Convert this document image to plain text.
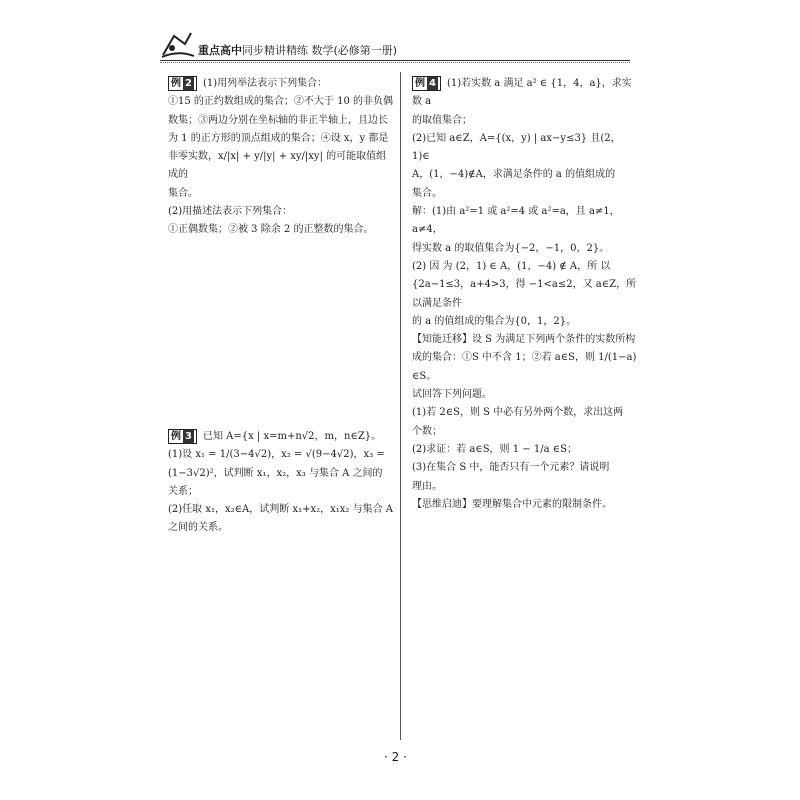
重点高中同步精讲精练 数学(必修第一册)

例 2 (1)用列举法表示下列集合：

①15 的正约数组成的集合；②不大于 10 的非负偶

数集；③两边分别在坐标轴的非正半轴上，且边长

为 1 的正方形的顶点组成的集合；④设 x，y 都是

非零实数，x/|x| + y/|y| + xy/|xy| 的可能取值组成的

集合。

(2)用描述法表示下列集合：

①正偶数集；②被 3 除余 2 的正整数的集合。

例 3 已知 A={x | x=m+n√2，m，n∈Z}。

(1)设 x₁ = 1/(3−4√2)，x₂ = √(9−4√2)，x₃ =

(1−3√2)²，试判断 x₁，x₂，x₃ 与集合 A 之间的

关系；

(2)任取 x₁，x₂∈A，试判断 x₁+x₂，x₁x₂ 与集合 A

之间的关系。

例 4 (1)若实数 a 满足 a² ∈ {1，4，a}，求实数 a

的取值集合；

(2)已知 a∈Z，A={(x，y) | ax−y≤3} 且(2，1)∈

A，(1，−4)∉A，求满足条件的 a 的值组成的

集合。

解：(1)由 a²=1 或 a²=4 或 a²=a，且 a≠1，a≠4，

得实数 a 的取值集合为{−2，−1，0，2}。

(2) 因 为 (2，1) ∈ A，(1，−4) ∉ A，所 以

{2a−1≤3，a+4>3，得 −1<a≤2，又 a∈Z，所以满足条件

的 a 的值组成的集合为{0，1，2}。

【知能迁移】设 S 为满足下列两个条件的实数所构

成的集合：①S 中不含 1；②若 a∈S，则 1/(1−a) ∈S。

试回答下列问题。

(1)若 2∈S，则 S 中必有另外两个数，求出这两

个数；

(2)求证：若 a∈S，则 1 − 1/a ∈S；

(3)在集合 S 中，能否只有一个元素？请说明

理由。

【思维启迪】要理解集合中元素的限制条件。

· 2 ·
